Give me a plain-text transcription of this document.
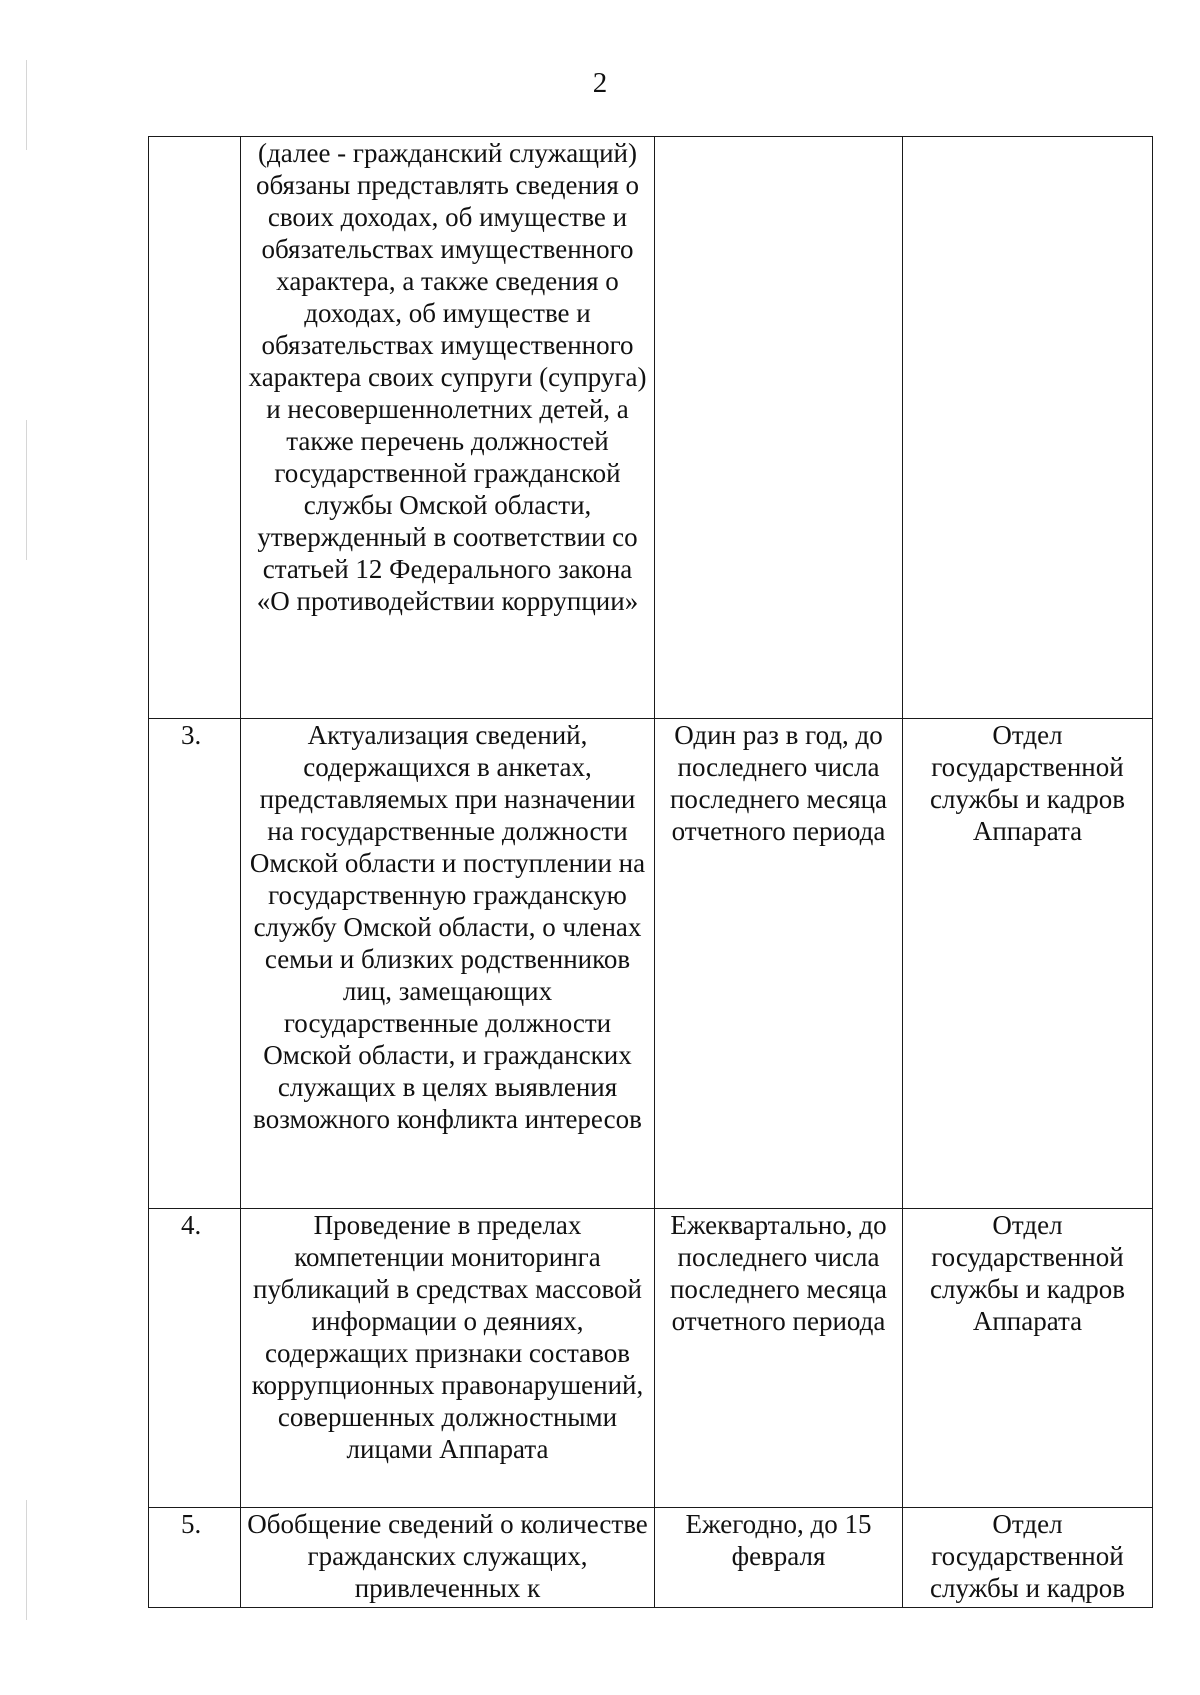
2
	(далее - гражданский служащий) обязаны представлять сведения о своих доходах, об имуществе и обязательствах имущественного характера, а также сведения о доходах, об имуществе и обязательствах имущественного характера своих супруги (супруга) и несовершеннолетних детей, а также перечень должностей государственной гражданской службы Омской области, утвержденный в соответствии со статьей 12 Федерального закона «О противодействии коррупции»		
3.	Актуализация сведений, содержащихся в анкетах, представляемых при назначении на государственные должности Омской области и поступлении на государственную гражданскую службу Омской области, о членах семьи и близких родственников лиц, замещающих государственные должности Омской области, и гражданских служащих в целях выявления возможного конфликта интересов	Один раз в год, до последнего числа последнего месяца отчетного периода	Отдел государственной службы и кадров Аппарата
4.	Проведение в пределах компетенции мониторинга публикаций в средствах массовой информации о деяниях, содержащих признаки составов коррупционных правонарушений, совершенных должностными лицами Аппарата	Ежеквартально, до последнего числа последнего месяца отчетного периода	Отдел государственной службы и кадров Аппарата
5.	Обобщение сведений о количестве гражданских служащих, привлеченных к	Ежегодно, до 15 февраля	Отдел государственной службы и кадров
